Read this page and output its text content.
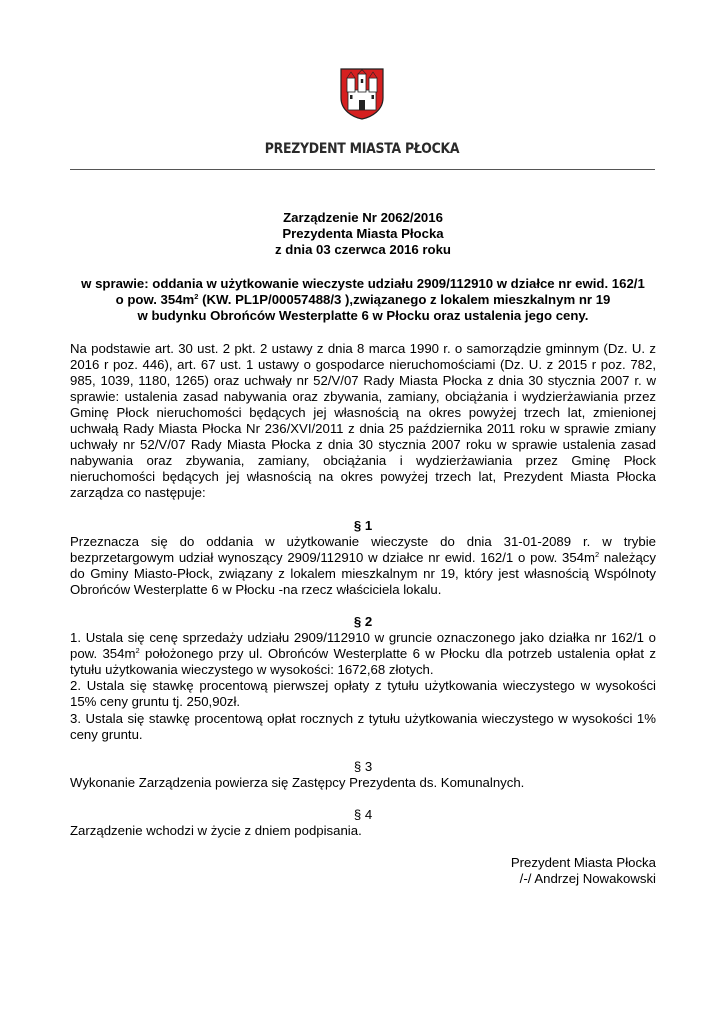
PREZYDENT MIASTA PŁOCKA

Zarządzenie Nr 2062/2016

Prezydenta Miasta Płocka

z dnia 03 czerwca 2016 roku

w sprawie: oddania w użytkowanie wieczyste udziału 2909/112910 w działce nr ewid. 162/1

o pow. $354m^2$ (KW. PL1P/00057488/3 ),związanego z lokalem mieszkalnym nr 19

w budynku Obrońców Westerplatte 6 w Płocku oraz ustalenia jego ceny.

Na podstawie art. 30 ust. 2 pkt. 2 ustawy z dnia 8 marca 1990 r. o samorządzie gminnym (Dz. U. z 2016 r poz. 446), art. 67 ust. 1 ustawy o gospodarce nieruchomościami (Dz. U. z 2015 r poz. 782, 985, 1039, 1180, 1265) oraz uchwały nr 52/V/07 Rady Miasta Płocka z dnia 30 stycznia 2007 r. w sprawie: ustalenia zasad nabywania oraz zbywania, zamiany, obciążania i wydzierżawiania przez Gminę Płock nieruchomości będących jej własnością na okres powyżej trzech lat, zmienionej uchwałą Rady Miasta Płocka Nr 236/XVI/2011 z dnia 25 października 2011 roku w sprawie zmiany uchwały nr 52/V/07 Rady Miasta Płocka z dnia 30 stycznia 2007 roku w sprawie ustalenia zasad nabywania oraz zbywania, zamiany, obciążania i wydzierżawiania przez Gminę Płock nieruchomości będących jej własnością na okres powyżej trzech lat, Prezydent Miasta Płocka zarządza co następuje:

§ 1

Przeznacza się do oddania w użytkowanie wieczyste do dnia 31-01-2089 r. w trybie bezprzetargowym udział wynoszący 2909/112910 w działce nr ewid. 162/1 o pow. $354m^2$ należący do Gminy Miasto-Płock, związany z lokalem mieszkalnym nr 19, który jest własnością Wspólnoty Obrońców Westerplatte 6 w Płocku -na rzecz właściciela lokalu.

§ 2

1. Ustala się cenę sprzedaży udziału 2909/112910 w gruncie oznaczonego jako działka nr 162/1 o pow. $354m^2$ położonego przy ul. Obrońców Westerplatte 6 w Płocku dla potrzeb ustalenia opłat z tytułu użytkowania wieczystego w wysokości: 1672,68 złotych.

2. Ustala się stawkę procentową pierwszej opłaty z tytułu użytkowania wieczystego w wysokości 15% ceny gruntu tj. 250,90zł.

3. Ustala się stawkę procentową opłat rocznych z tytułu użytkowania wieczystego w wysokości 1% ceny gruntu.

§ 3

Wykonanie Zarządzenia powierza się Zastępcy Prezydenta ds. Komunalnych.

§ 4

Zarządzenie wchodzi w życie z dniem podpisania.

Prezydent Miasta Płocka

/-/ Andrzej Nowakowski
